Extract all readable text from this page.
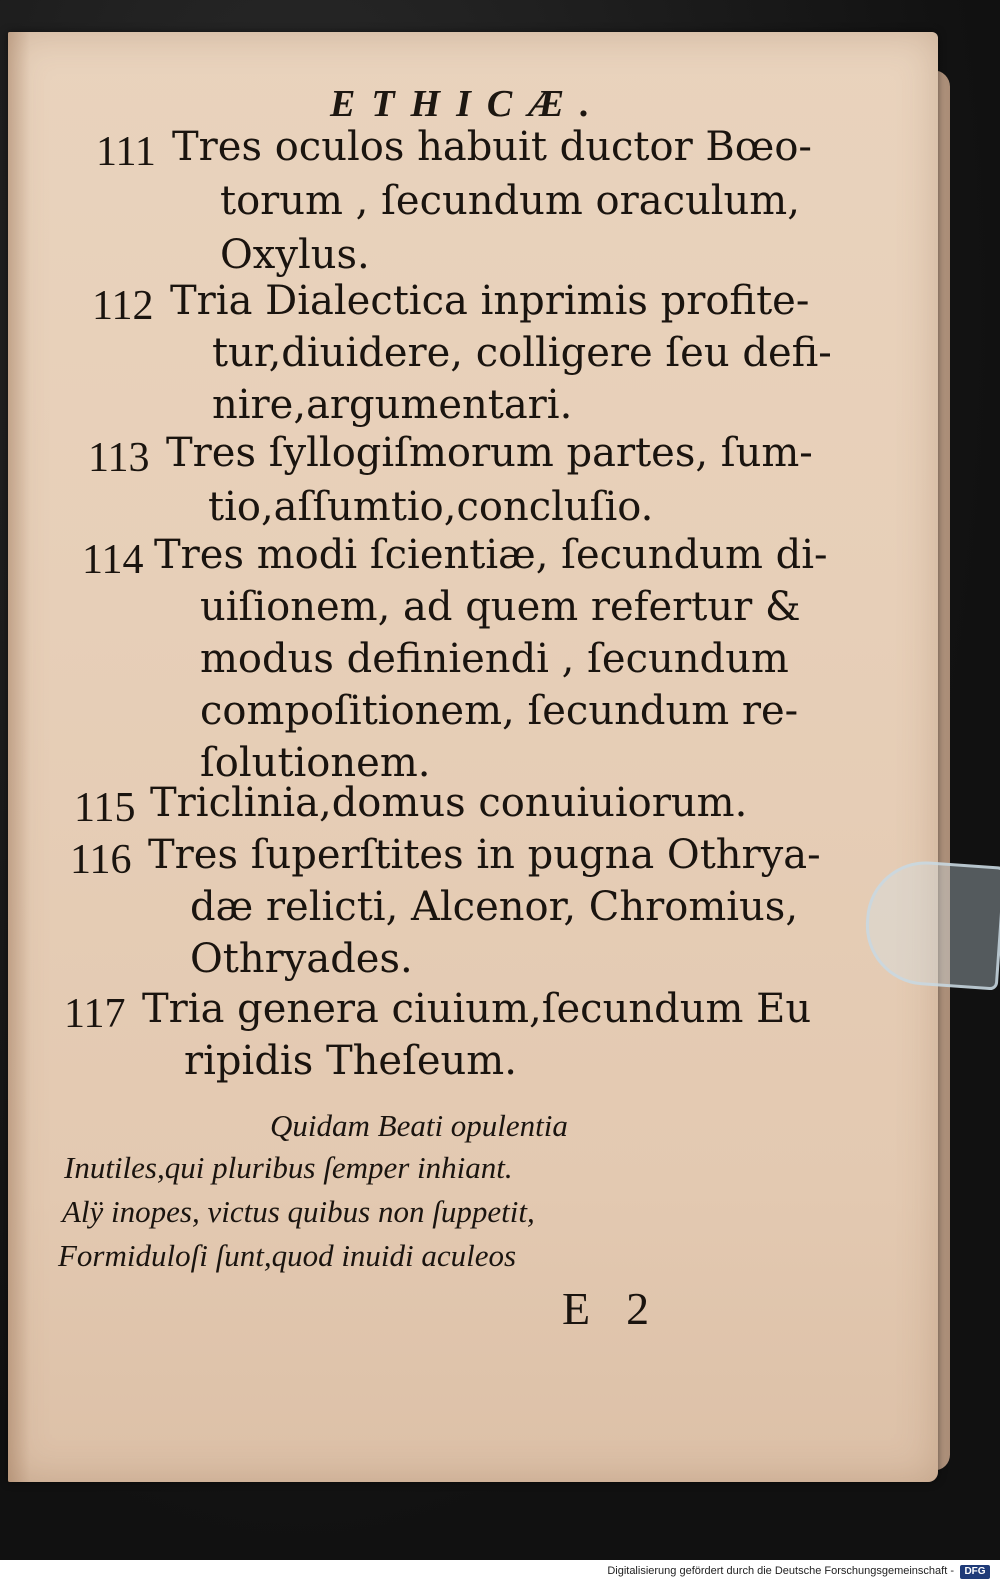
ETHICÆ.
111 Tres oculos habuit ductor Bœo-
torum , ſecundum oraculum,
Oxylus.
112 Tria Dialectica inprimis profite-
tur,diuidere, colligere ſeu defi-
nire,argumentari.
113 Tres ſyllogiſmorum partes, ſum-
tio,aſſumtio,concluſio.
114 Tres modi ſcientiæ, ſecundum di-
uiſionem, ad quem refertur &
modus definiendi , ſecundum
compoſitionem, ſecundum re-
ſolutionem.
115 Triclinia,domus conuiuiorum.
116 Tres ſuperſtites in pugna Othrya-
dæ relicti, Alcenor, Chromius,
Othryades.
117 Tria genera ciuium,ſecundum Eu
ripidis Theſeum.
Quidam Beati opulentia
Inutiles,qui pluribus ſemper inhiant.
Alÿ inopes, victus quibus non ſuppetit,
Formiduloſi ſunt,quod inuidi aculeos
E 2
Digitalisierung gefördert durch die Deutsche Forschungsgemeinschaft -	DFG
